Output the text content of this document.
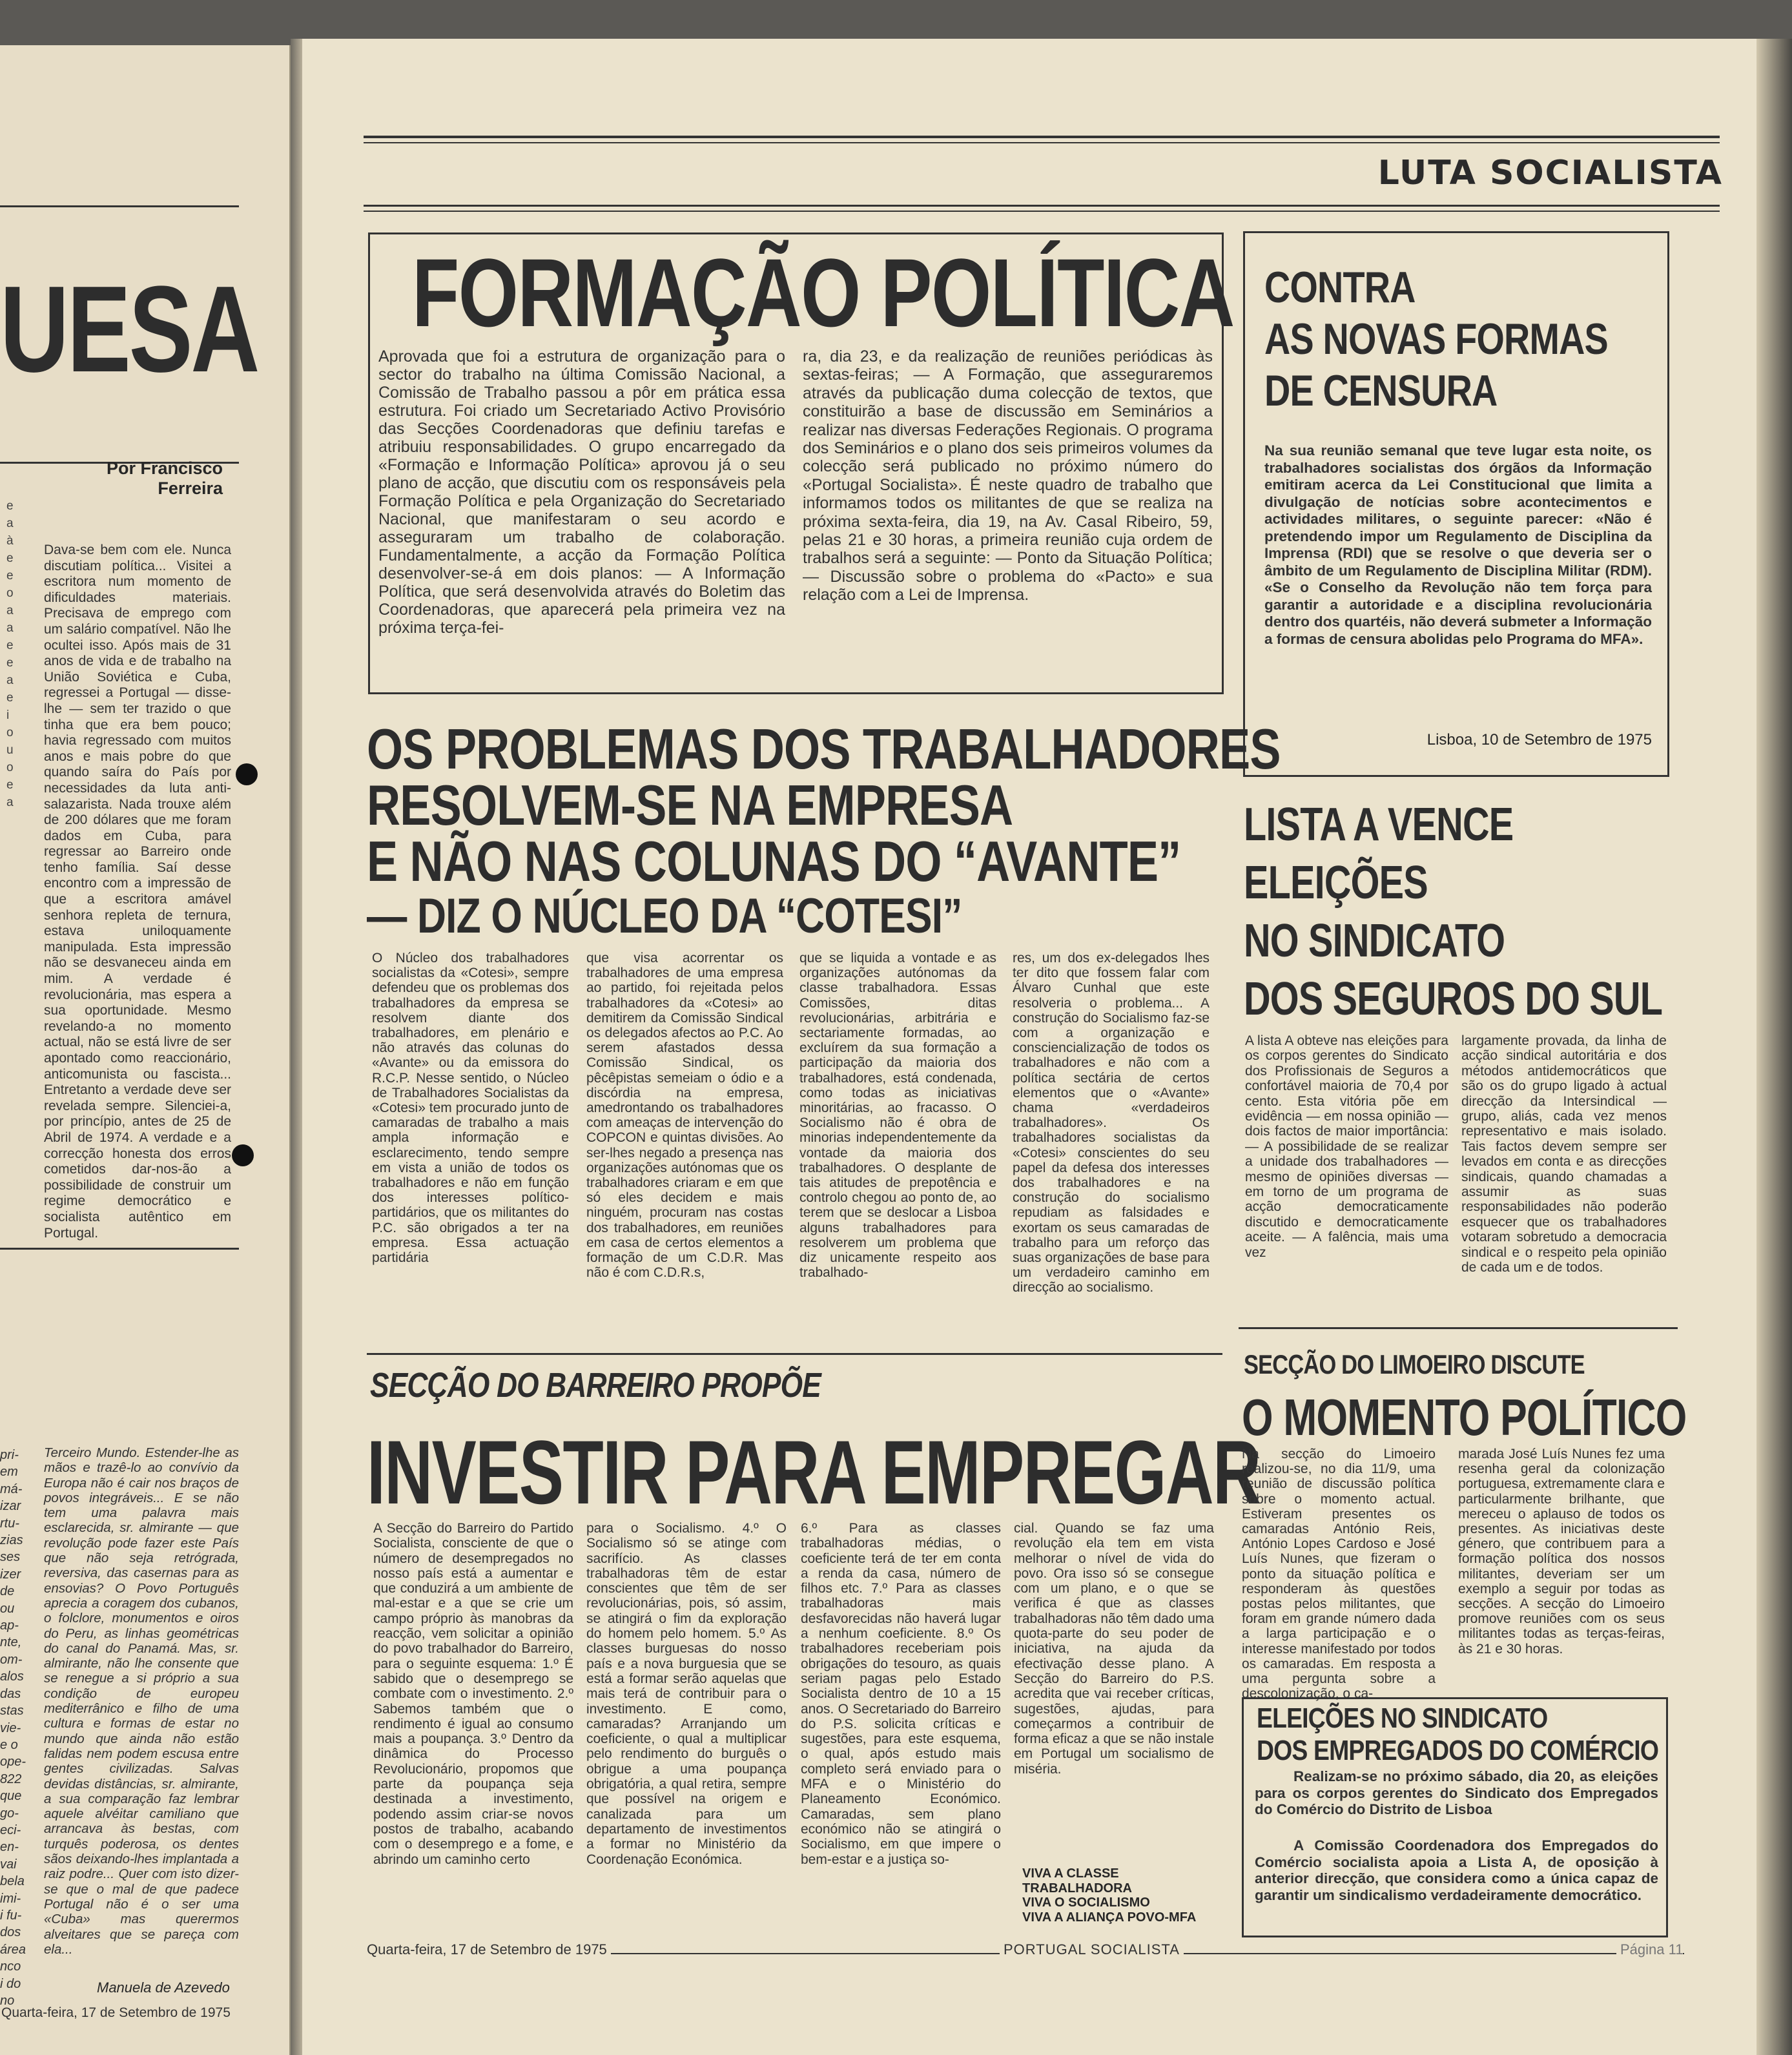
UESA
Por Francisco Ferreira
e
a
à
e
e
o
a
a
e
e
a
e
i
o
u
o
e
a
Dava-se bem com ele. Nunca discutiam política... Visitei a escritora num momento de dificuldades materiais. Precisava de emprego com um salário compatível. Não lhe ocultei isso. Após mais de 31 anos de vida e de trabalho na União Soviética e Cuba, regressei a Portugal — disse-lhe — sem ter trazido o que tinha que era bem pouco; havia regressado com muitos anos e mais pobre do que quando saíra do País por necessidades da luta anti-salazarista. Nada trouxe além de 200 dólares que me foram dados em Cuba, para regressar ao Barreiro onde tenho família. Saí desse encontro com a impressão de que a escritora amável senhora repleta de ternura, estava uniloquamente manipulada. Esta impressão não se desvaneceu ainda em mim. A verdade é revolucionária, mas espera a sua oportunidade. Mesmo revelando-a no momento actual, não se está livre de ser apontado como reaccionário, anticomunista ou fascista... Entretanto a verdade deve ser revelada sempre. Silenciei-a, por princípio, antes de 25 de Abril de 1974. A verdade e a correcção honesta dos erros cometidos dar-nos-ão a possibilidade de construir um regime democrático e socialista autêntico em Portugal.
pri-
em
má-
izar
rtu-
zias
ses
izer
de
ou
ap-
nte,
om-
alos
das
stas
vie-
e o
ope-
822
que
go-
eci-
en-
vai
bela
imi-
i fu-
dos
área
nco
i do
no
Terceiro Mundo. Estender-lhe as mãos e trazê-lo ao convívio da Europa não é cair nos braços de povos integráveis... E se não tem uma palavra mais esclarecida, sr. almirante — que revolução pode fazer este País que não seja retrógrada, reversiva, das casernas para as ensovias? O Povo Português aprecia a coragem dos cubanos, o folclore, monumentos e oiros do Peru, as linhas geométricas do canal do Panamá. Mas, sr. almirante, não lhe consente que se renegue a si próprio a sua condição de europeu mediterrânico e filho de uma cultura e formas de estar no mundo que ainda não estão falidas nem podem escusa entre gentes civilizadas. Salvas devidas distâncias, sr. almirante, a sua comparação faz lembrar aquele alvéitar camiliano que arrancava às bestas, com turquês poderosa, os dentes sãos deixando-lhes implantada a raiz podre... Quer com isto dizer-se que o mal de que padece Portugal não é o ser uma «Cuba» mas querermos alveitares que se pareça com ela...
Manuela de Azevedo
Quarta-feira, 17 de Setembro de 1975
LUTA SOCIALISTA
FORMAÇÃO POLÍTICA
Aprovada que foi a estrutura de organização para o sector do trabalho na última Comissão Nacional, a Comissão de Trabalho passou a pôr em prática essa estrutura. Foi criado um Secretariado Activo Provisório das Secções Coordenadoras que definiu tarefas e atribuiu responsabilidades. O grupo encarregado da «Formação e Informação Política» aprovou já o seu plano de acção, que discutiu com os responsáveis pela Formação Política e pela Organização do Secretariado Nacional, que manifestaram o seu acordo e asseguraram um trabalho de colaboração. Fundamentalmente, a acção da Formação Política desenvolver-se-á em dois planos: — A Informação Política, que será desenvolvida através do Boletim das Coordenadoras, que aparecerá pela primeira vez na próxima terça-fei-
ra, dia 23, e da realização de reuniões periódicas às sextas-feiras; — A Formação, que asseguraremos através da publicação duma colecção de textos, que constituirão a base de discussão em Seminários a realizar nas diversas Federações Regionais. O programa dos Seminários e o plano dos seis primeiros volumes da colecção será publicado no próximo número do «Portugal Socialista». É neste quadro de trabalho que informamos todos os militantes de que se realiza na próxima sexta-feira, dia 19, na Av. Casal Ribeiro, 59, pelas 21 e 30 horas, a primeira reunião cuja ordem de trabalhos será a seguinte: — Ponto da Situação Política; — Discussão sobre o problema do «Pacto» e sua relação com a Lei de Imprensa.
CONTRA
AS NOVAS FORMAS
DE CENSURA
Na sua reunião semanal que teve lugar esta noite, os trabalhadores socialistas dos órgãos da Informação emitiram acerca da Lei Constitucional que limita a divulgação de notícias sobre acontecimentos e actividades militares, o seguinte parecer: «Não é pretendendo impor um Regulamento de Disciplina da Imprensa (RDI) que se resolve o que deveria ser o âmbito de um Regulamento de Disciplina Militar (RDM). «Se o Conselho da Revolução não tem força para garantir a autoridade e a disciplina revolucionária dentro dos quartéis, não deverá submeter a Informação a formas de censura abolidas pelo Programa do MFA».
Lisboa, 10 de Setembro de 1975
OS PROBLEMAS DOS TRABALHADORES
RESOLVEM-SE NA EMPRESA
E NÃO NAS COLUNAS DO “AVANTE”
— DIZ O NÚCLEO DA “COTESI”
O Núcleo dos trabalhadores socialistas da «Cotesi», sempre defendeu que os problemas dos trabalhadores da empresa se resolvem diante dos trabalhadores, em plenário e não através das colunas do «Avante» ou da emissora do R.C.P. Nesse sentido, o Núcleo de Trabalhadores Socialistas da «Cotesi» tem procurado junto de camaradas de trabalho a mais ampla informação e esclarecimento, tendo sempre em vista a união de todos os trabalhadores e não em função dos interesses político-partidários, que os militantes do P.C. são obrigados a ter na empresa. Essa actuação partidária
que visa acorrentar os trabalhadores de uma empresa ao partido, foi rejeitada pelos trabalhadores da «Cotesi» ao demitirem da Comissão Sindical os delegados afectos ao P.C. Ao serem afastados dessa Comissão Sindical, os pêcêpistas semeiam o ódio e a discórdia na empresa, amedrontando os trabalhadores com ameaças de intervenção do COPCON e quintas divisões. Ao ser-lhes negado a presença nas organizações autónomas que os trabalhadores criaram e em que só eles decidem e mais ninguém, procuram nas costas dos trabalhadores, em reuniões em casa de certos elementos a formação de um C.D.R. Mas não é com C.D.R.s,
que se liquida a vontade e as organizações autónomas da classe trabalhadora. Essas Comissões, ditas revolucionárias, arbitrária e sectariamente formadas, ao excluírem da sua formação a participação da maioria dos trabalhadores, está condenada, como todas as iniciativas minoritárias, ao fracasso. O Socialismo não é obra de minorias independentemente da vontade da maioria dos trabalhadores. O desplante de tais atitudes de prepotência e controlo chegou ao ponto de, ao terem que se deslocar a Lisboa alguns trabalhadores para resolverem um problema que diz unicamente respeito aos trabalhado-
res, um dos ex-delegados lhes ter dito que fossem falar com Álvaro Cunhal que este resolveria o problema... A construção do Socialismo faz-se com a organização e consciencialização de todos os trabalhadores e não com a política sectária de certos elementos que o «Avante» chama «verdadeiros trabalhadores». Os trabalhadores socialistas da «Cotesi» conscientes do seu papel da defesa dos interesses dos trabalhadores e na construção do socialismo repudiam as falsidades e exortam os seus camaradas de trabalho para um reforço das suas organizações de base para um verdadeiro caminho em direcção ao socialismo.
LISTA A VENCE
ELEIÇÕES
NO SINDICATO
DOS SEGUROS DO SUL
A lista A obteve nas eleições para os corpos gerentes do Sindicato dos Profissionais de Seguros a confortável maioria de 70,4 por cento. Esta vitória põe em evidência — em nossa opinião — dois factos de maior importância: — A possibilidade de se realizar a unidade dos trabalhadores — mesmo de opiniões diversas — em torno de um programa de acção democraticamente discutido e democraticamente aceite. — A falência, mais uma vez
largamente provada, da linha de acção sindical autoritária e dos métodos antidemocráticos que são os do grupo ligado à actual direcção da Intersindical — grupo, aliás, cada vez menos representativo e mais isolado. Tais factos devem sempre ser levados em conta e as direcções sindicais, quando chamadas a assumir as suas responsabilidades não poderão esquecer que os trabalhadores votaram sobretudo a democracia sindical e o respeito pela opinião de cada um e de todos.
SECÇÃO DO BARREIRO PROPÕE
INVESTIR PARA EMPREGAR
A Secção do Barreiro do Partido Socialista, consciente de que o número de desempregados no nosso país está a aumentar e que conduzirá a um ambiente de mal-estar e a que se crie um campo próprio às manobras da reacção, vem solicitar a opinião do povo trabalhador do Barreiro, para o seguinte esquema: 1.º É sabido que o desemprego se combate com o investimento. 2.º Sabemos também que o rendimento é igual ao consumo mais a poupança. 3.º Dentro da dinâmica do Processo Revolucionário, propomos que parte da poupança seja destinada a investimento, podendo assim criar-se novos postos de trabalho, acabando com o desemprego e a fome, e abrindo um caminho certo
para o Socialismo. 4.º O Socialismo só se atinge com sacrifício. As classes trabalhadoras têm de estar conscientes que têm de ser revolucionárias, pois, só assim, se atingirá o fim da exploração do homem pelo homem. 5.º As classes burguesas do nosso país e a nova burguesia que se está a formar serão aquelas que mais terá de contribuir para o investimento. E como, camaradas? Arranjando um coeficiente, o qual a multiplicar pelo rendimento do burguês o obrigue a uma poupança obrigatória, a qual retira, sempre que possível na origem e canalizada para um departamento de investimentos a formar no Ministério da Coordenação Económica.
6.º Para as classes trabalhadoras médias, o coeficiente terá de ter em conta a renda da casa, número de filhos etc. 7.º Para as classes trabalhadoras mais desfavorecidas não haverá lugar a nenhum coeficiente. 8.º Os trabalhadores receberiam pois obrigações do tesouro, as quais seriam pagas pelo Estado Socialista dentro de 10 a 15 anos. O Secretariado do Barreiro do P.S. solicita críticas e sugestões, para este esquema, o qual, após estudo mais completo será enviado para o MFA e o Ministério do Planeamento Económico. Camaradas, sem plano económico não se atingirá o Socialismo, em que impere o bem-estar e a justiça so-
cial. Quando se faz uma revolução ela tem em vista melhorar o nível de vida do povo. Ora isso só se consegue com um plano, e o que se verifica é que as classes trabalhadoras não têm dado uma quota-parte do seu poder de iniciativa, na ajuda da efectivação desse plano. A Secção do Barreiro do P.S. acredita que vai receber críticas, sugestões, ajudas, para começarmos a contribuir de forma eficaz a que se não instale em Portugal um socialismo de miséria.
VIVA A CLASSE TRABALHADORA
VIVA O SOCIALISMO
VIVA A ALIANÇA POVO-MFA
SECÇÃO DO LIMOEIRO DISCUTE
O MOMENTO POLÍTICO
Na secção do Limoeiro realizou-se, no dia 11/9, uma reunião de discussão política sobre o momento actual. Estiveram presentes os camaradas António Reis, António Lopes Cardoso e José Luís Nunes, que fizeram o ponto da situação política e responderam às questões postas pelos militantes, que foram em grande número dada a larga participação e o interesse manifestado por todos os camaradas. Em resposta a uma pergunta sobre a descolonização, o ca-
marada José Luís Nunes fez uma resenha geral da colonização portuguesa, extremamente clara e particularmente brilhante, que mereceu o aplauso de todos os presentes. As iniciativas deste género, que contribuem para a formação política dos nossos militantes, deveriam ser um exemplo a seguir por todas as secções. A secção do Limoeiro promove reuniões com os seus militantes todas as terças-feiras, às 21 e 30 horas.
ELEIÇÕES NO SINDICATO
DOS EMPREGADOS DO COMÉRCIO
Realizam-se no próximo sábado, dia 20, as eleições para os corpos gerentes do Sindicato dos Empregados do Comércio do Distrito de Lisboa
A Comissão Coordenadora dos Empregados do Comércio socialista apoia a Lista A, de oposição à anterior direcção, que considera como a única capaz de garantir um sindicalismo verdadeiramente democrático.
Quarta-feira, 17 de Setembro de 1975	PORTUGAL SOCIALISTA	Página 11
